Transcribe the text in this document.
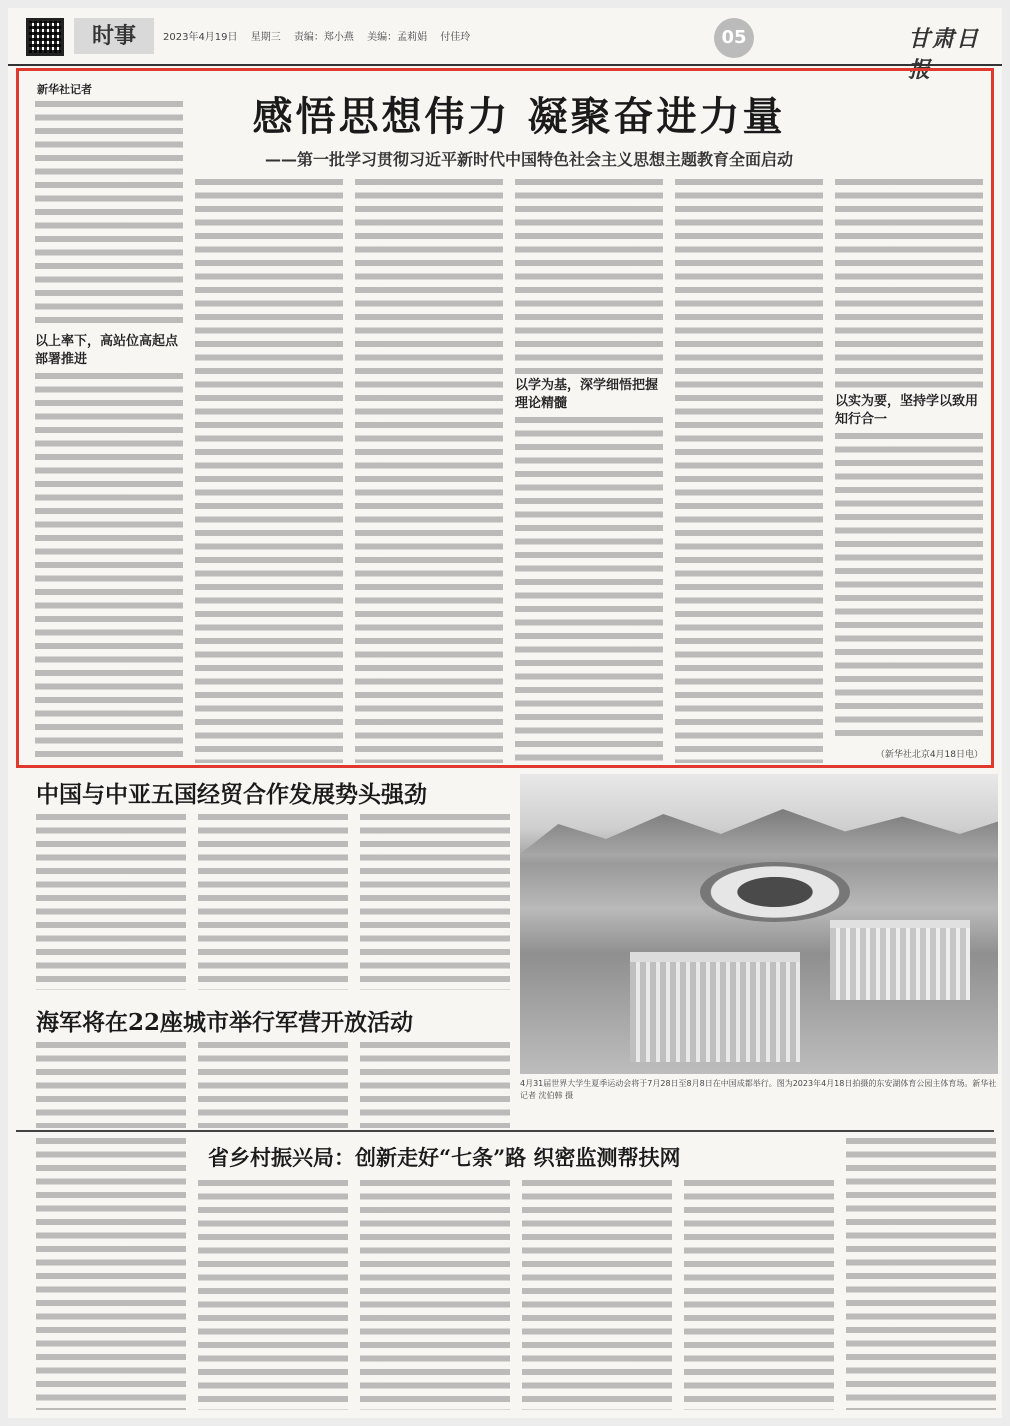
时事	2023年4月19日 星期三 责编：郑小燕 美编：孟莉娟 付佳玲	05	甘肃日报
新华社记者
感悟思想伟力 凝聚奋进力量
——第一批学习贯彻习近平新时代中国特色社会主义思想主题教育全面启动
以上率下，高站位高起点部署推进
以学为基，深学细悟把握理论精髓	以实为要，坚持学以致用知行合一
（新华社北京4月18日电）
中国与中亚五国经贸合作发展势头强劲
海军将在22座城市举行军营开放活动
4月31届世界大学生夏季运动会将于7月28日至8月8日在中国成都举行。图为2023年4月18日拍摄的东安湖体育公园主体育场。新华社记者 沈伯韩 摄
省乡村振兴局：创新走好“七条”路 织密监测帮扶网
